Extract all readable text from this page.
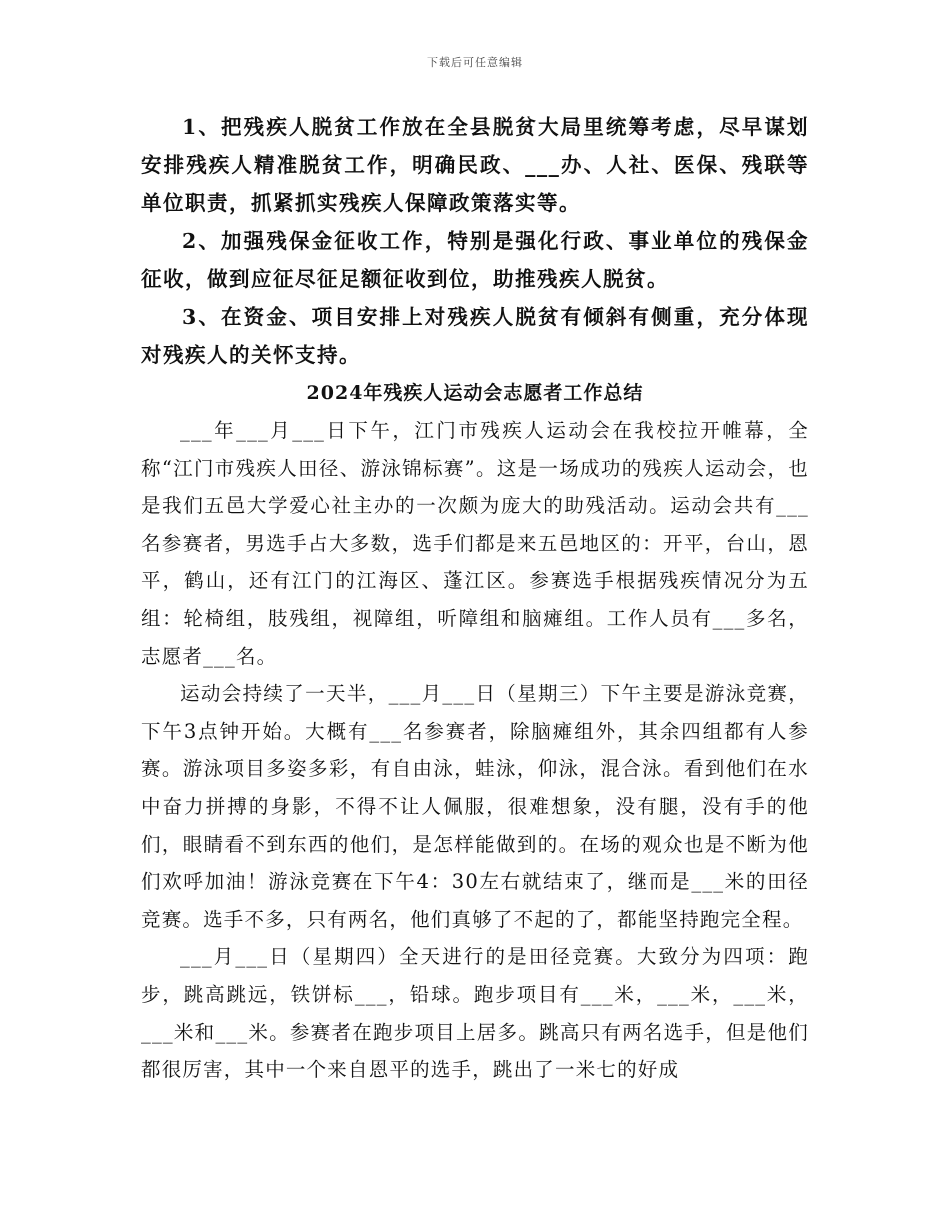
下载后可任意编辑

1、把残疾人脱贫工作放在全县脱贫大局里统筹考虑，尽早谋划安排残疾人精准脱贫工作，明确民政、___办、人社、医保、残联等单位职责，抓紧抓实残疾人保障政策落实等。

2、加强残保金征收工作，特别是强化行政、事业单位的残保金征收，做到应征尽征足额征收到位，助推残疾人脱贫。

3、在资金、项目安排上对残疾人脱贫有倾斜有侧重，充分体现对残疾人的关怀支持。

2024年残疾人运动会志愿者工作总结

___年___月___日下午，江门市残疾人运动会在我校拉开帷幕，全称“江门市残疾人田径、游泳锦标赛”。这是一场成功的残疾人运动会，也是我们五邑大学爱心社主办的一次颇为庞大的助残活动。运动会共有___名参赛者，男选手占大多数，选手们都是来五邑地区的：开平，台山，恩平，鹤山，还有江门的江海区、蓬江区。参赛选手根据残疾情况分为五组：轮椅组，肢残组，视障组，听障组和脑瘫组。工作人员有___多名，志愿者___名。

运动会持续了一天半，___月___日（星期三）下午主要是游泳竞赛，下午3点钟开始。大概有___名参赛者，除脑瘫组外，其余四组都有人参赛。游泳项目多姿多彩，有自由泳，蛙泳，仰泳，混合泳。看到他们在水中奋力拼搏的身影，不得不让人佩服，很难想象，没有腿，没有手的他们，眼睛看不到东西的他们，是怎样能做到的。在场的观众也是不断为他们欢呼加油！游泳竞赛在下午4：30左右就结束了，继而是___米的田径竞赛。选手不多，只有两名，他们真够了不起的了，都能坚持跑完全程。

___月___日（星期四）全天进行的是田径竞赛。大致分为四项：跑步，跳高跳远，铁饼标___，铅球。跑步项目有___米，___米，___米，___米和___米。参赛者在跑步项目上居多。跳高只有两名选手，但是他们都很厉害，其中一个来自恩平的选手，跳出了一米七的好成
